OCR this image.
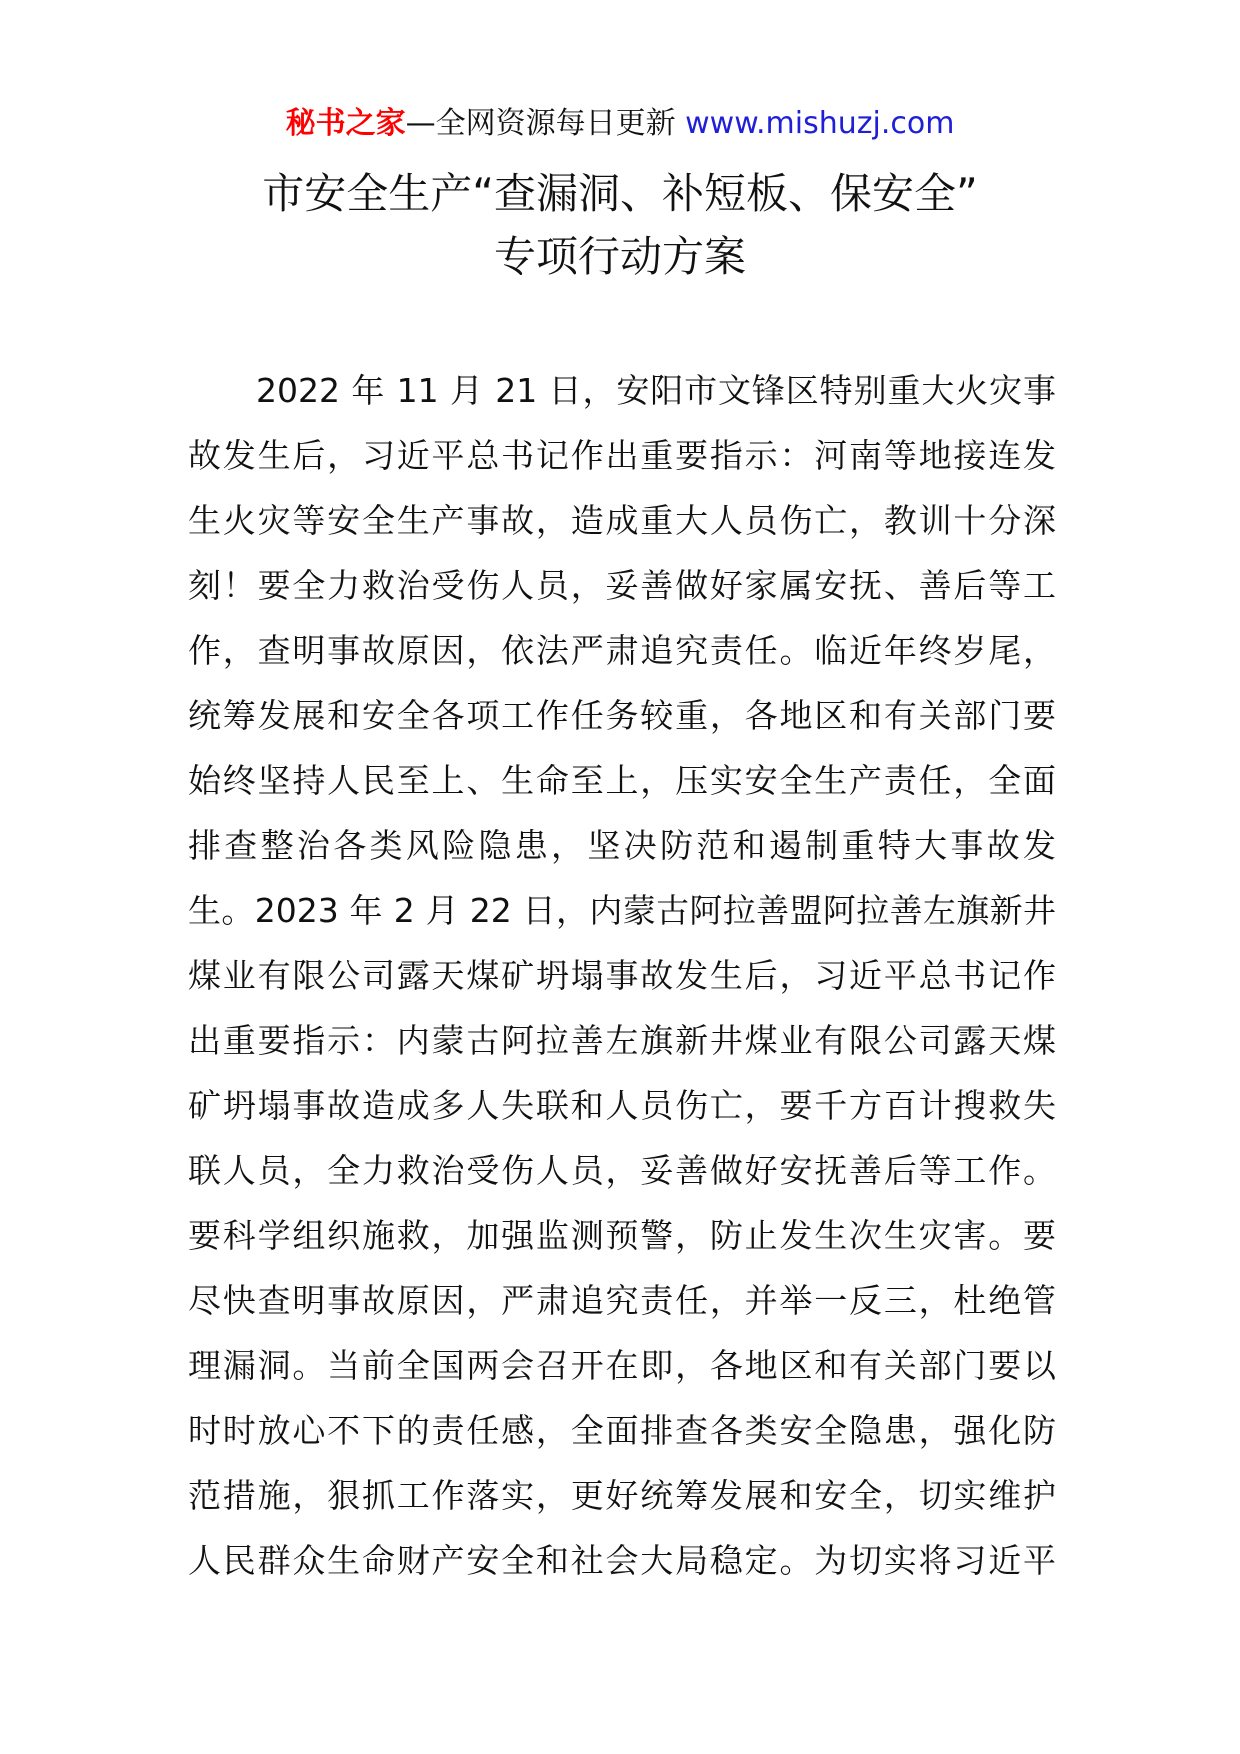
秘书之家—全网资源每日更新 www.mishuzj.com
市安全生产“查漏洞、补短板、保安全”
专项行动方案
2022 年 11 月 21 日，安阳市文锋区特别重大火灾事
故发生后，习近平总书记作出重要指示：河南等地接连发
生火灾等安全生产事故，造成重大人员伤亡，教训十分深
刻！要全力救治受伤人员，妥善做好家属安抚、善后等工
作，查明事故原因，依法严肃追究责任。临近年终岁尾，
统筹发展和安全各项工作任务较重，各地区和有关部门要
始终坚持人民至上、生命至上，压实安全生产责任，全面
排查整治各类风险隐患，坚决防范和遏制重特大事故发
生。2023 年 2 月 22 日，内蒙古阿拉善盟阿拉善左旗新井
煤业有限公司露天煤矿坍塌事故发生后，习近平总书记作
出重要指示：内蒙古阿拉善左旗新井煤业有限公司露天煤
矿坍塌事故造成多人失联和人员伤亡，要千方百计搜救失
联人员，全力救治受伤人员，妥善做好安抚善后等工作。
要科学组织施救，加强监测预警，防止发生次生灾害。要
尽快查明事故原因，严肃追究责任，并举一反三，杜绝管
理漏洞。当前全国两会召开在即，各地区和有关部门要以
时时放心不下的责任感，全面排查各类安全隐患，强化防
范措施，狠抓工作落实，更好统筹发展和安全，切实维护
人民群众生命财产安全和社会大局稳定。为切实将习近平
